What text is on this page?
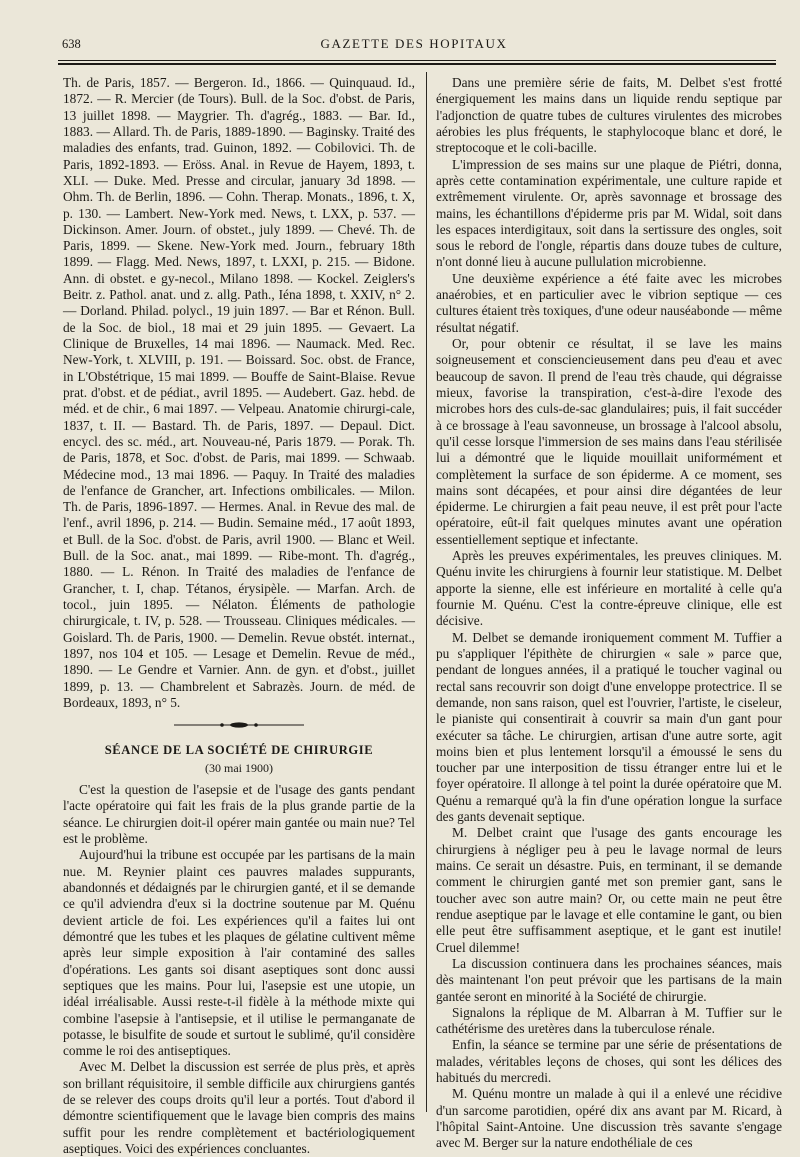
638	GAZETTE DES HOPITAUX

Th. de Paris, 1857. — Bergeron. Id., 1866. — Quinquaud. Id., 1872. — R. Mercier (de Tours). Bull. de la Soc. d'obst. de Paris, 13 juillet 1898. — Maygrier. Th. d'agrég., 1883. — Bar. Id., 1883. — Allard. Th. de Paris, 1889-1890. — Baginsky. Traité des maladies des enfants, trad. Guinon, 1892. — Cobilovici. Th. de Paris, 1892-1893. — Eröss. Anal. in Revue de Hayem, 1893, t. XLI. — Duke. Med. Presse and circular, january 3d 1898. — Ohm. Th. de Berlin, 1896. — Cohn. Therap. Monats., 1896, t. X, p. 130. — Lambert. New-York med. News, t. LXX, p. 537. — Dickinson. Amer. Journ. of obstet., july 1899. — Chevé. Th. de Paris, 1899. — Skene. New-York med. Journ., february 18th 1899. — Flagg. Med. News, 1897, t. LXXI, p. 215. — Bidone. Ann. di obstet. e gy-necol., Milano 1898. — Kockel. Zeiglers's Beitr. z. Pathol. anat. und z. allg. Path., Iéna 1898, t. XXIV, n° 2. — Dorland. Philad. polycl., 19 juin 1897. — Bar et Rénon. Bull. de la Soc. de biol., 18 mai et 29 juin 1895. — Gevaert. La Clinique de Bruxelles, 14 mai 1896. — Naumack. Med. Rec. New-York, t. XLVIII, p. 191. — Boissard. Soc. obst. de France, in L'Obstétrique, 15 mai 1899. — Bouffe de Saint-Blaise. Revue prat. d'obst. et de pédiat., avril 1895. — Audebert. Gaz. hebd. de méd. et de chir., 6 mai 1897. — Velpeau. Anatomie chirurgi-cale, 1837, t. II. — Bastard. Th. de Paris, 1897. — Depaul. Dict. encycl. des sc. méd., art. Nouveau-né, Paris 1879. — Porak. Th. de Paris, 1878, et Soc. d'obst. de Paris, mai 1899. — Schwaab. Médecine mod., 13 mai 1896. — Paquy. In Traité des maladies de l'enfance de Grancher, art. Infections ombilicales. — Milon. Th. de Paris, 1896-1897. — Hermes. Anal. in Revue des mal. de l'enf., avril 1896, p. 214. — Budin. Semaine méd., 17 août 1893, et Bull. de la Soc. d'obst. de Paris, avril 1900. — Blanc et Weil. Bull. de la Soc. anat., mai 1899. — Ribe-mont. Th. d'agrég., 1880. — L. Rénon. In Traité des maladies de l'enfance de Grancher, t. I, chap. Tétanos, érysipèle. — Marfan. Arch. de tocol., juin 1895. — Nélaton. Éléments de pathologie chirurgicale, t. IV, p. 528. — Trousseau. Cliniques médicales. — Goislard. Th. de Paris, 1900. — Demelin. Revue obstét. internat., 1897, nos 104 et 105. — Lesage et Demelin. Revue de méd., 1890. — Le Gendre et Varnier. Ann. de gyn. et d'obst., juillet 1899, p. 13. — Chambrelent et Sabrazès. Journ. de méd. de Bordeaux, 1893, n° 5.

SÉANCE DE LA SOCIÉTÉ DE CHIRURGIE
(30 mai 1900)

C'est la question de l'asepsie et de l'usage des gants pendant l'acte opératoire qui fait les frais de la plus grande partie de la séance. Le chirurgien doit-il opérer main gantée ou main nue? Tel est le problème.

Aujourd'hui la tribune est occupée par les partisans de la main nue. M. Reynier plaint ces pauvres malades suppurants, abandonnés et dédaignés par le chirurgien ganté, et il se demande ce qu'il adviendra d'eux si la doctrine soutenue par M. Quénu devient article de foi. Les expériences qu'il a faites lui ont démontré que les tubes et les plaques de gélatine cultivent même après leur simple exposition à l'air contaminé des salles d'opérations. Les gants soi disant aseptiques sont donc aussi septiques que les mains. Pour lui, l'asepsie est une utopie, un idéal irréalisable. Aussi reste-t-il fidèle à la méthode mixte qui combine l'asepsie à l'antisepsie, et il utilise le permanganate de potasse, le bisulfite de soude et surtout le sublimé, qu'il considère comme le roi des antiseptiques.

Avec M. Delbet la discussion est serrée de plus près, et après son brillant réquisitoire, il semble difficile aux chirurgiens gantés de se relever des coups droits qu'il leur a portés. Tout d'abord il démontre scientifiquement que le lavage bien compris des mains suffit pour les rendre complètement et bactériologiquement aseptiques. Voici des expériences concluantes.

Dans une première série de faits, M. Delbet s'est frotté énergiquement les mains dans un liquide rendu septique par l'adjonction de quatre tubes de cultures virulentes des microbes aérobies les plus fréquents, le staphylocoque blanc et doré, le streptocoque et le coli-bacille.

L'impression de ses mains sur une plaque de Piétri, donna, après cette contamination expérimentale, une culture rapide et extrêmement virulente. Or, après savonnage et brossage des mains, les échantillons d'épiderme pris par M. Widal, soit dans les espaces interdigitaux, soit dans la sertissure des ongles, soit sous le rebord de l'ongle, répartis dans douze tubes de culture, n'ont donné lieu à aucune pullulation microbienne.

Une deuxième expérience a été faite avec les microbes anaérobies, et en particulier avec le vibrion septique — ces cultures étaient très toxiques, d'une odeur nauséabonde — même résultat négatif.

Or, pour obtenir ce résultat, il se lave les mains soigneusement et consciencieusement dans peu d'eau et avec beaucoup de savon. Il prend de l'eau très chaude, qui dégraisse mieux, favorise la transpiration, c'est-à-dire l'exode des microbes hors des culs-de-sac glandulaires; puis, il fait succéder à ce brossage à l'eau savonneuse, un brossage à l'alcool absolu, qu'il cesse lorsque l'immersion de ses mains dans l'eau stérilisée lui a démontré que le liquide mouillait uniformément et complètement la surface de son épiderme. A ce moment, ses mains sont décapées, et pour ainsi dire dégantées de leur épiderme. Le chirurgien a fait peau neuve, il est prêt pour l'acte opératoire, eût-il fait quelques minutes avant une opération essentiellement septique et infectante.

Après les preuves expérimentales, les preuves cliniques. M. Quénu invite les chirurgiens à fournir leur statistique. M. Delbet apporte la sienne, elle est inférieure en mortalité à celle qu'a fournie M. Quénu. C'est la contre-épreuve clinique, elle est décisive.

M. Delbet se demande ironiquement comment M. Tuffier a pu s'appliquer l'épithète de chirurgien « sale » parce que, pendant de longues années, il a pratiqué le toucher vaginal ou rectal sans recouvrir son doigt d'une enveloppe protectrice. Il se demande, non sans raison, quel est l'ouvrier, l'artiste, le ciseleur, le pianiste qui consentirait à couvrir sa main d'un gant pour exécuter sa tâche. Le chirurgien, artisan d'une autre sorte, agit moins bien et plus lentement lorsqu'il a émoussé le sens du toucher par une interposition de tissu étranger entre lui et le foyer opératoire. Il allonge à tel point la durée opératoire que M. Quénu a remarqué qu'à la fin d'une opération longue la surface des gants devenait septique.

M. Delbet craint que l'usage des gants encourage les chirurgiens à négliger peu à peu le lavage normal de leurs mains. Ce serait un désastre. Puis, en terminant, il se demande comment le chirurgien ganté met son premier gant, sans le toucher avec son autre main? Or, ou cette main ne peut être rendue aseptique par le lavage et elle contamine le gant, ou bien elle peut être suffisamment aseptique, et le gant est inutile! Cruel dilemme!

La discussion continuera dans les prochaines séances, mais dès maintenant l'on peut prévoir que les partisans de la main gantée seront en minorité à la Société de chirurgie.

Signalons la réplique de M. Albarran à M. Tuffier sur le cathétérisme des uretères dans la tuberculose rénale.

Enfin, la séance se termine par une série de présentations de malades, véritables leçons de choses, qui sont les délices des habitués du mercredi.

M. Quénu montre un malade à qui il a enlevé une récidive d'un sarcome parotidien, opéré dix ans avant par M. Ricard, à l'hôpital Saint-Antoine. Une discussion très savante s'engage avec M. Berger sur la nature endothéliale de ces
